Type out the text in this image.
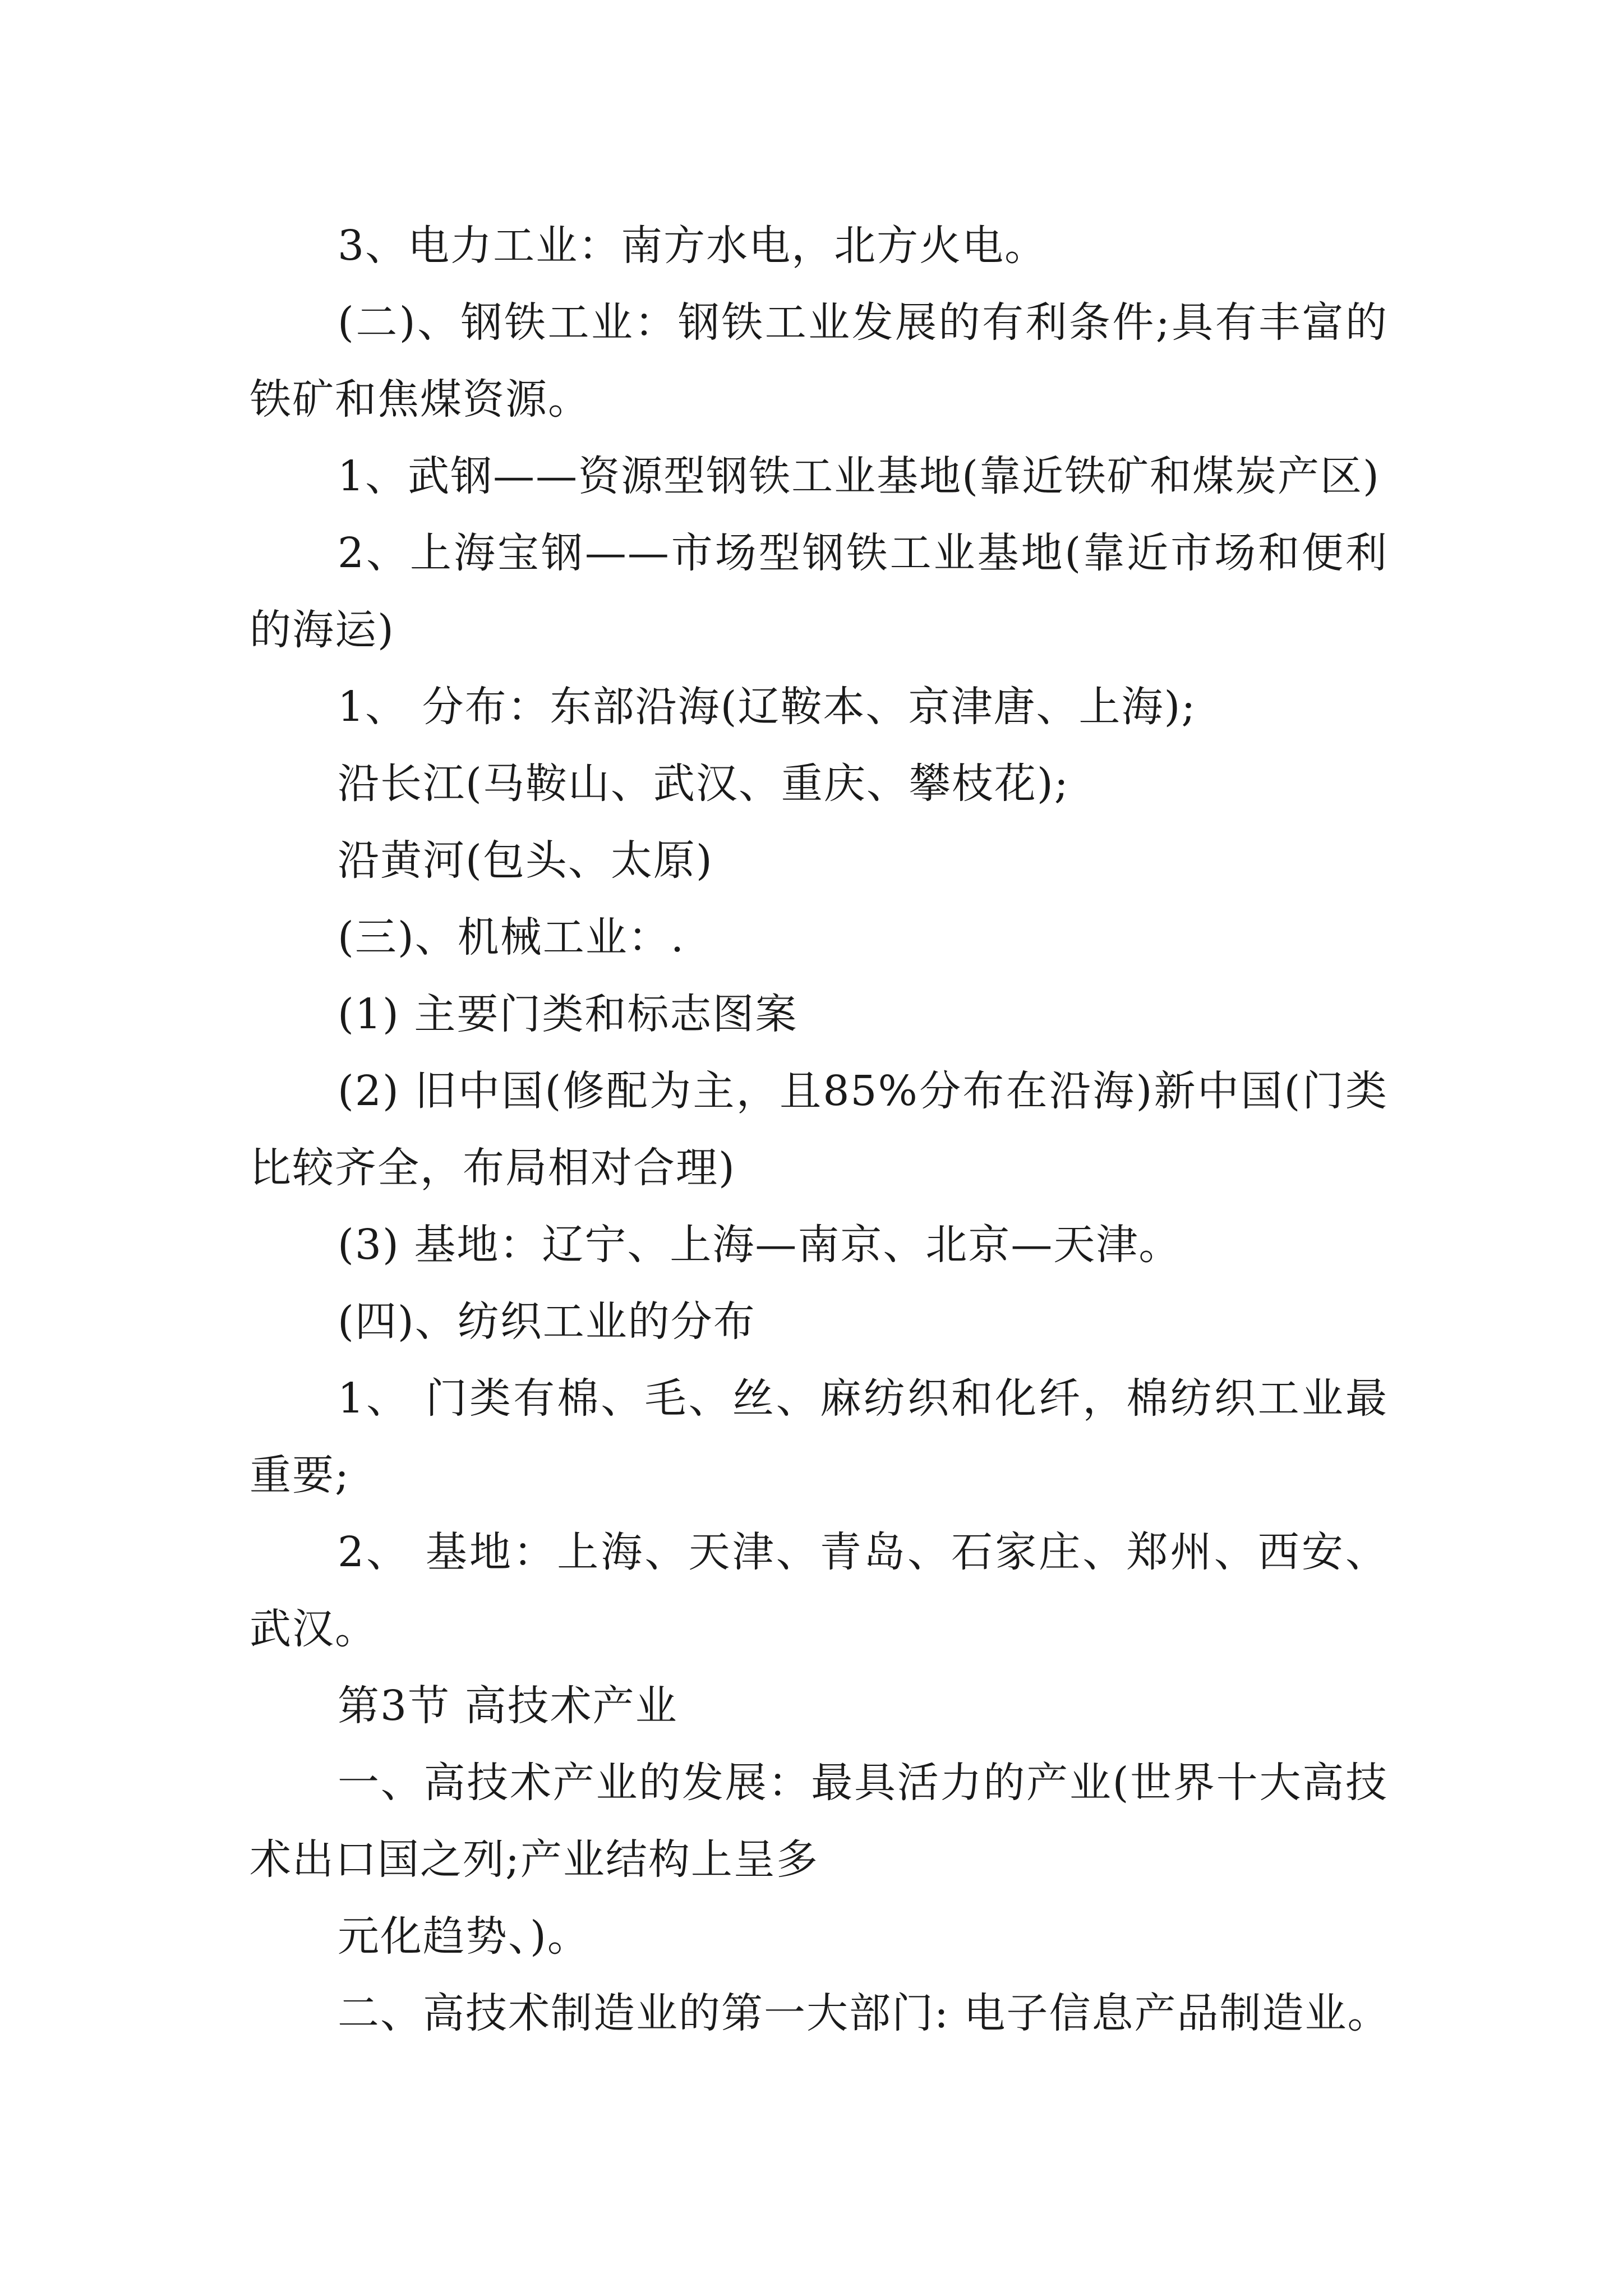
3、电力工业：南方水电，北方火电。

(二)、钢铁工业：钢铁工业发展的有利条件;具有丰富的铁矿和焦煤资源。

1、武钢——资源型钢铁工业基地(靠近铁矿和煤炭产区)

2、上海宝钢——市场型钢铁工业基地(靠近市场和便利的海运)

1、 分布：东部沿海(辽鞍本、京津唐、上海);

沿长江(马鞍山、武汉、重庆、攀枝花);

沿黄河(包头、太原)

(三)、机械工业：.

(1) 主要门类和标志图案

(2) 旧中国(修配为主，且85%分布在沿海)新中国(门类比较齐全，布局相对合理)

(3) 基地：辽宁、上海—南京、北京—天津。

(四)、纺织工业的分布

1、 门类有棉、毛、丝、麻纺织和化纤，棉纺织工业最重要;

2、 基地：上海、天津、青岛、石家庄、郑州、西安、武汉。

第3节 高技术产业

一、高技术产业的发展：最具活力的产业(世界十大高技术出口国之列;产业结构上呈多

元化趋势、)。

二、高技术制造业的第一大部门: 电子信息产品制造业。
